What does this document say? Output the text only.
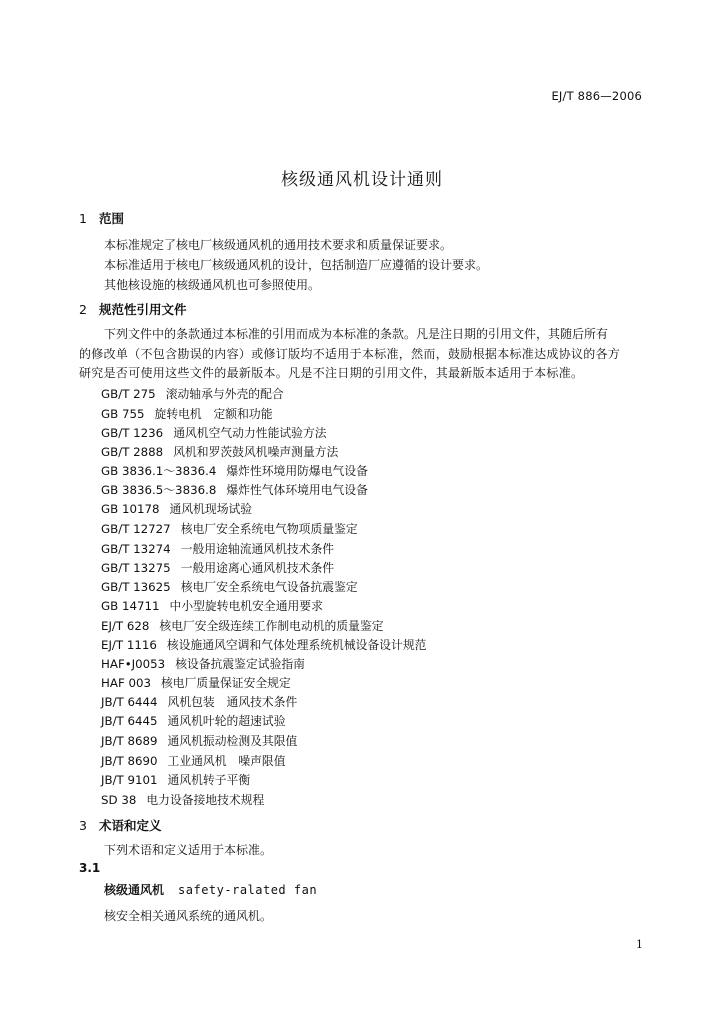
EJ/T 886—2006
核级通风机设计通则
1 范围
本标准规定了核电厂核级通风机的通用技术要求和质量保证要求。
本标准适用于核电厂核级通风机的设计，包括制造厂应遵循的设计要求。
其他核设施的核级通风机也可参照使用。
2 规范性引用文件
下列文件中的条款通过本标准的引用而成为本标准的条款。凡是注日期的引用文件，其随后所有
的修改单（不包含勘误的内容）或修订版均不适用于本标准，然而，鼓励根据本标准达成协议的各方
研究是否可使用这些文件的最新版本。凡是不注日期的引用文件，其最新版本适用于本标准。
GB/T 275 滚动轴承与外壳的配合
GB 755 旋转电机　定额和功能
GB/T 1236 通风机空气动力性能试验方法
GB/T 2888 风机和罗茨鼓风机噪声测量方法
GB 3836.1～3836.4 爆炸性环境用防爆电气设备
GB 3836.5～3836.8 爆炸性气体环境用电气设备
GB 10178 通风机现场试验
GB/T 12727 核电厂安全系统电气物项质量鉴定
GB/T 13274 一般用途轴流通风机技术条件
GB/T 13275 一般用途离心通风机技术条件
GB/T 13625 核电厂安全系统电气设备抗震鉴定
GB 14711 中小型旋转电机安全通用要求
EJ/T 628 核电厂安全级连续工作制电动机的质量鉴定
EJ/T 1116 核设施通风空调和气体处理系统机械设备设计规范
HAF•J0053 核设备抗震鉴定试验指南
HAF 003 核电厂质量保证安全规定
JB/T 6444 风机包装　通风技术条件
JB/T 6445 通风机叶轮的超速试验
JB/T 8689 通风机振动检测及其限值
JB/T 8690 工业通风机　噪声限值
JB/T 9101 通风机转子平衡
SD 38 电力设备接地技术规程
3 术语和定义
下列术语和定义适用于本标准。
3.1
核级通风机 safety-ralated fan
核安全相关通风系统的通风机。
1
